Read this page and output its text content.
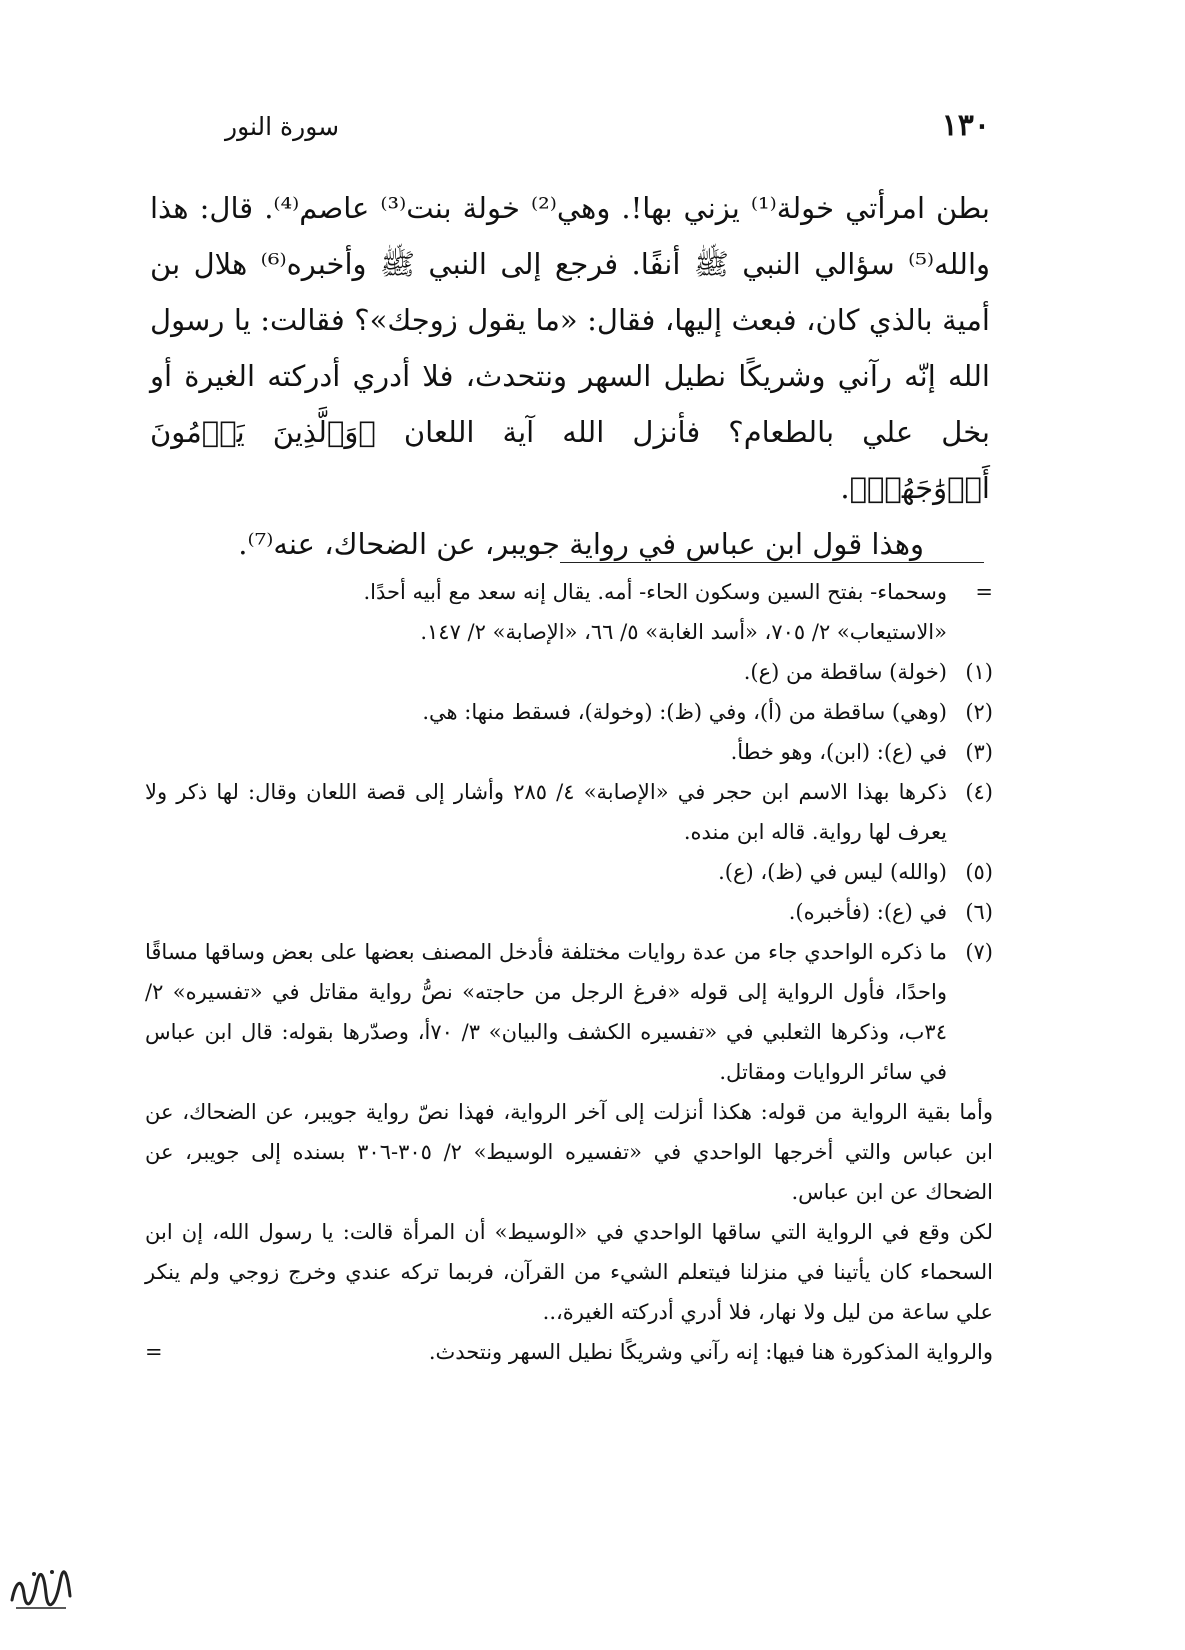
١٣٠
سورة النور

بطن امرأتي خولة⁽¹⁾ يزني بها!. وهي⁽²⁾ خولة بنت⁽³⁾ عاصم⁽⁴⁾. قال: هذا والله⁽⁵⁾ سؤالي النبي ﷺ أنفًا. فرجع إلى النبي ﷺ وأخبره⁽⁶⁾ هلال بن أمية بالذي كان، فبعث إليها، فقال: «ما يقول زوجك»؟ فقالت: يا رسول الله إنّه رآني وشريكًا نطيل السهر ونتحدث، فلا أدري أدركته الغيرة أو بخل علي بالطعام؟ فأنزل الله آية اللعان ﴿وَٱلَّذِينَ يَرۡمُونَ أَزۡوَٰجَهُمۡ﴾.

وهذا قول ابن عباس في رواية جويبر، عن الضحاك، عنه⁽⁷⁾.

=
وسحماء- بفتح السين وسكون الحاء- أمه. يقال إنه سعد مع أبيه أحدًا.
«الاستيعاب» ٢/ ٧٠٥، «أسد الغابة» ٥/ ٦٦، «الإصابة» ٢/ ١٤٧.
(١)
(خولة) ساقطة من (ع).
(٢)
(وهي) ساقطة من (أ)، وفي (ظ): (وخولة)، فسقط منها: هي.
(٣)
في (ع): (ابن)، وهو خطأ.
(٤)
ذكرها بهذا الاسم ابن حجر في «الإصابة» ٤/ ٢٨٥ وأشار إلى قصة اللعان وقال: لها ذكر ولا يعرف لها رواية. قاله ابن منده.
(٥)
(والله) ليس في (ظ)، (ع).
(٦)
في (ع): (فأخبره).
(٧)
ما ذكره الواحدي جاء من عدة روايات مختلفة فأدخل المصنف بعضها على بعض وساقها مساقًا واحدًا، فأول الرواية إلى قوله «فرغ الرجل من حاجته» نصُّ رواية مقاتل في «تفسيره» ٢/ ٣٤ب، وذكرها الثعلبي في «تفسيره الكشف والبيان» ٣/ ٧٠أ، وصدّرها بقوله: قال ابن عباس في سائر الروايات ومقاتل.
وأما بقية الرواية من قوله: هكذا أنزلت إلى آخر الرواية، فهذا نصّ رواية جويبر، عن الضحاك، عن ابن عباس والتي أخرجها الواحدي في «تفسيره الوسيط» ٢/ ٣٠٥-٣٠٦ بسنده إلى جويبر، عن الضحاك عن ابن عباس.
لكن وقع في الرواية التي ساقها الواحدي في «الوسيط» أن المرأة قالت: يا رسول الله، إن ابن السحماء كان يأتينا في منزلنا فيتعلم الشيء من القرآن، فربما تركه عندي وخرج زوجي ولم ينكر علي ساعة من ليل ولا نهار، فلا أدري أدركته الغيرة،..
والرواية المذكورة هنا فيها: إنه رآني وشريكًا نطيل السهر ونتحدث.
=
